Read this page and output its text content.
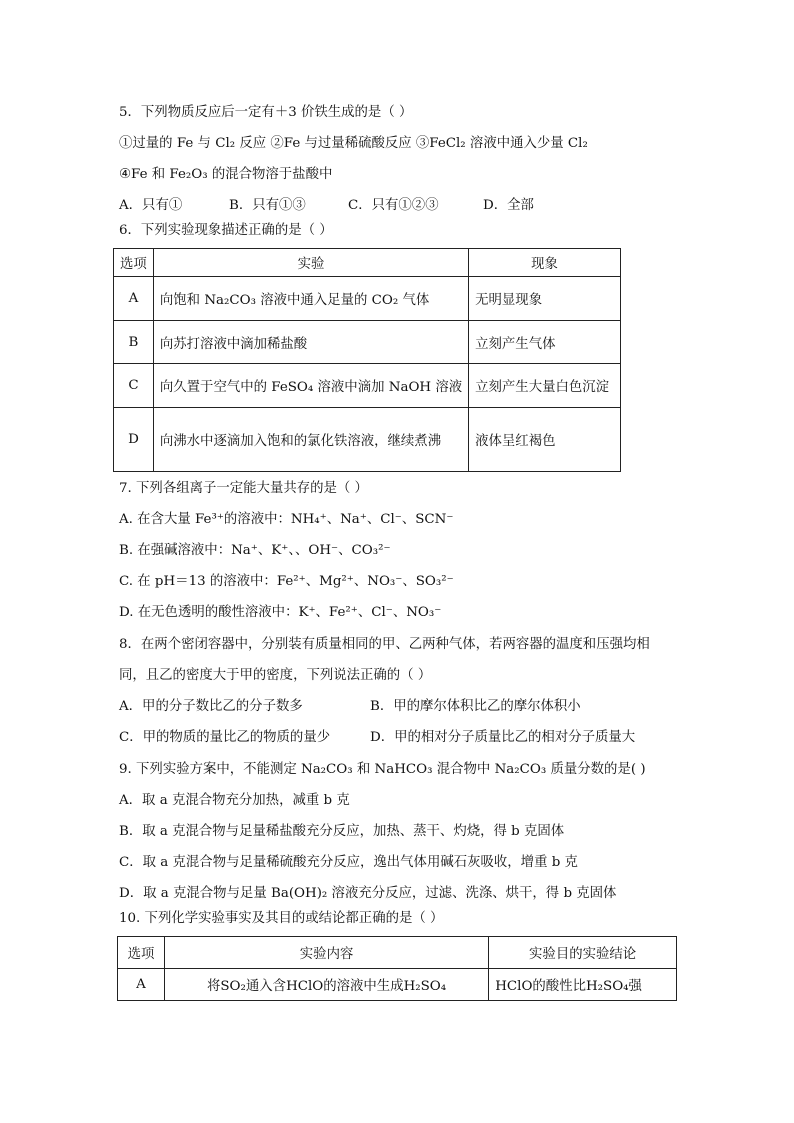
5．下列物质反应后一定有＋3 价铁生成的是（ ）
①过量的 Fe 与 Cl₂ 反应 ②Fe 与过量稀硫酸反应 ③FeCl₂ 溶液中通入少量 Cl₂
④Fe 和 Fe₂O₃ 的混合物溶于盐酸中
A．只有①	B．只有①③	C．只有①②③	D．全部
6．下列实验现象描述正确的是（ ）
选项	实验	现象
A	向饱和 Na₂CO₃ 溶液中通入足量的 CO₂ 气体	无明显现象
B	向苏打溶液中滴加稀盐酸	立刻产生气体
C	向久置于空气中的 FeSO₄ 溶液中滴加 NaOH 溶液	立刻产生大量白色沉淀
D	向沸水中逐滴加入饱和的氯化铁溶液，继续煮沸	液体呈红褐色
7. 下列各组离子一定能大量共存的是（ ）
A. 在含大量 Fe³⁺的溶液中：NH₄⁺、Na⁺、Cl⁻、SCN⁻
B. 在强碱溶液中：Na⁺、K⁺、、OH⁻、CO₃²⁻
C. 在 pH＝13 的溶液中：Fe²⁺、Mg²⁺、NO₃⁻、SO₃²⁻
D. 在无色透明的酸性溶液中：K⁺、Fe²⁺、Cl⁻、NO₃⁻
8．在两个密闭容器中，分别装有质量相同的甲、乙两种气体，若两容器的温度和压强均相
同，且乙的密度大于甲的密度，下列说法正确的（ ）
A．甲的分子数比乙的分子数多	B．甲的摩尔体积比乙的摩尔体积小
C．甲的物质的量比乙的物质的量少	D．甲的相对分子质量比乙的相对分子质量大
9. 下列实验方案中，不能测定 Na₂CO₃ 和 NaHCO₃ 混合物中 Na₂CO₃ 质量分数的是( )
A．取 a 克混合物充分加热，减重 b 克
B．取 a 克混合物与足量稀盐酸充分反应，加热、蒸干、灼烧，得 b 克固体
C．取 a 克混合物与足量稀硫酸充分反应，逸出气体用碱石灰吸收，增重 b 克
D．取 a 克混合物与足量 Ba(OH)₂ 溶液充分反应，过滤、洗涤、烘干，得 b 克固体
10. 下列化学实验事实及其目的或结论都正确的是（ ）
选项	实验内容	实验目的实验结论
A	将SO₂通入含HClO的溶液中生成H₂SO₄	HClO的酸性比H₂SO₄强
